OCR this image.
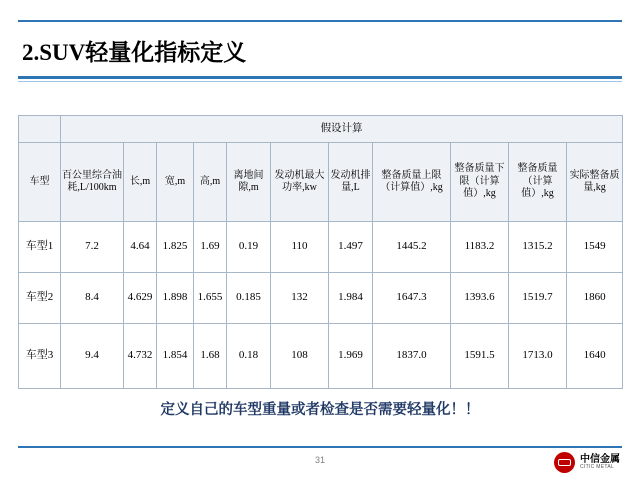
2.SUV轻量化指标定义
	假设计算										
车型	百公里综合油耗,L/100km	长,m	宽,m	高,m	离地间隙,m	发动机最大功率,kw	发动机排量,L	整备质量上限（计算值）,kg	整备质量下限（计算值）,kg	整备质量（计算值）,kg	实际整备质量,kg
车型1	7.2	4.64	1.825	1.69	0.19	110	1.497	1445.2	1183.2	1315.2	1549
车型2	8.4	4.629	1.898	1.655	0.185	132	1.984	1647.3	1393.6	1519.7	1860
车型3	9.4	4.732	1.854	1.68	0.18	108	1.969	1837.0	1591.5	1713.0	1640
定义自己的车型重量或者检查是否需要轻量化！！
31	中信金属
CITIC METAL
